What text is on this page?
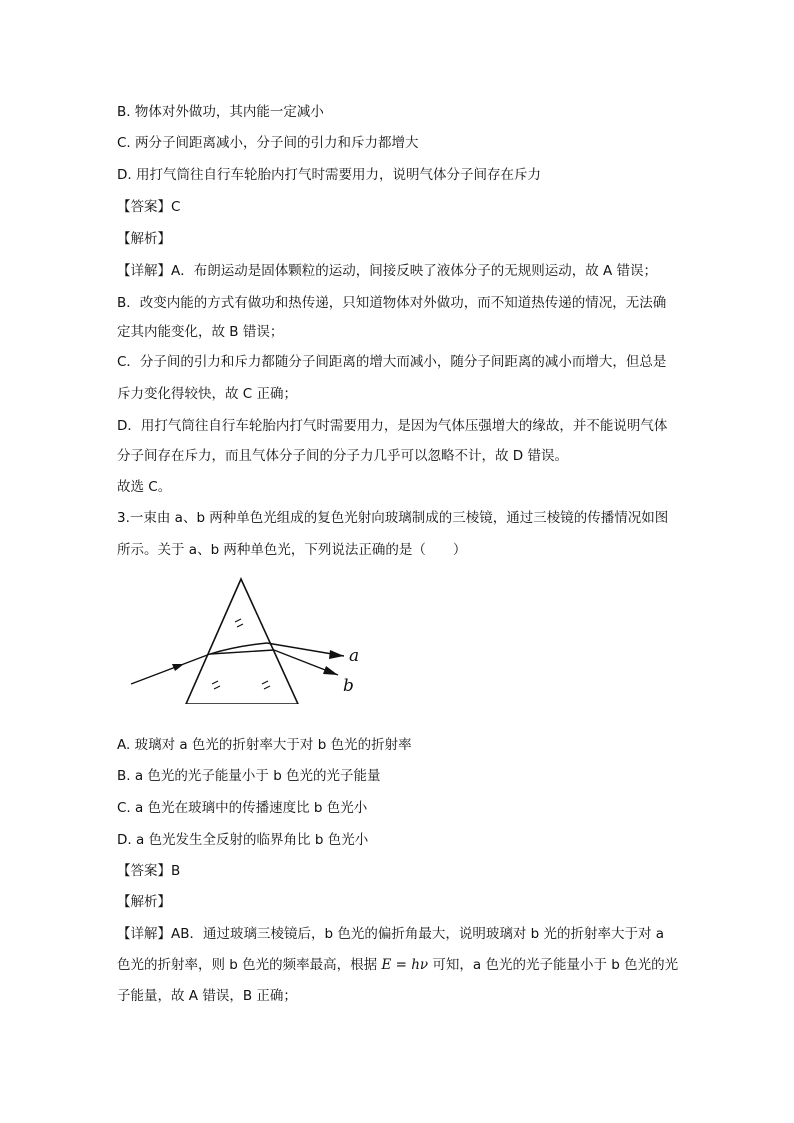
B. 物体对外做功，其内能一定减小
C. 两分子间距离减小，分子间的引力和斥力都增大
D. 用打气筒往自行车轮胎内打气时需要用力，说明气体分子间存在斥力
【答案】C
【解析】
【详解】A．布朗运动是固体颗粒的运动，间接反映了液体分子的无规则运动，故 A 错误；
B．改变内能的方式有做功和热传递，只知道物体对外做功，而不知道热传递的情况，无法确
定其内能变化，故 B 错误；
C．分子间的引力和斥力都随分子间距离的增大而减小，随分子间距离的减小而增大，但总是
斥力变化得较快，故 C 正确；
D．用打气筒往自行车轮胎内打气时需要用力，是因为气体压强增大的缘故，并不能说明气体
分子间存在斥力，而且气体分子间的分子力几乎可以忽略不计，故 D 错误。
故选 C。
3.一束由 a、b 两种单色光组成的复色光射向玻璃制成的三棱镜，通过三棱镜的传播情况如图
所示。关于 a、b 两种单色光，下列说法正确的是（　　）
a
b
A. 玻璃对 a 色光的折射率大于对 b 色光的折射率
B. a 色光的光子能量小于 b 色光的光子能量
C. a 色光在玻璃中的传播速度比 b 色光小
D. a 色光发生全反射的临界角比 b 色光小
【答案】B
【解析】
【详解】AB．通过玻璃三棱镜后，b 色光的偏折角最大，说明玻璃对 b 光的折射率大于对 a
色光的折射率，则 b 色光的频率最高，根据 E = hν 可知，a 色光的光子能量小于 b 色光的光
子能量，故 A 错误，B 正确；
